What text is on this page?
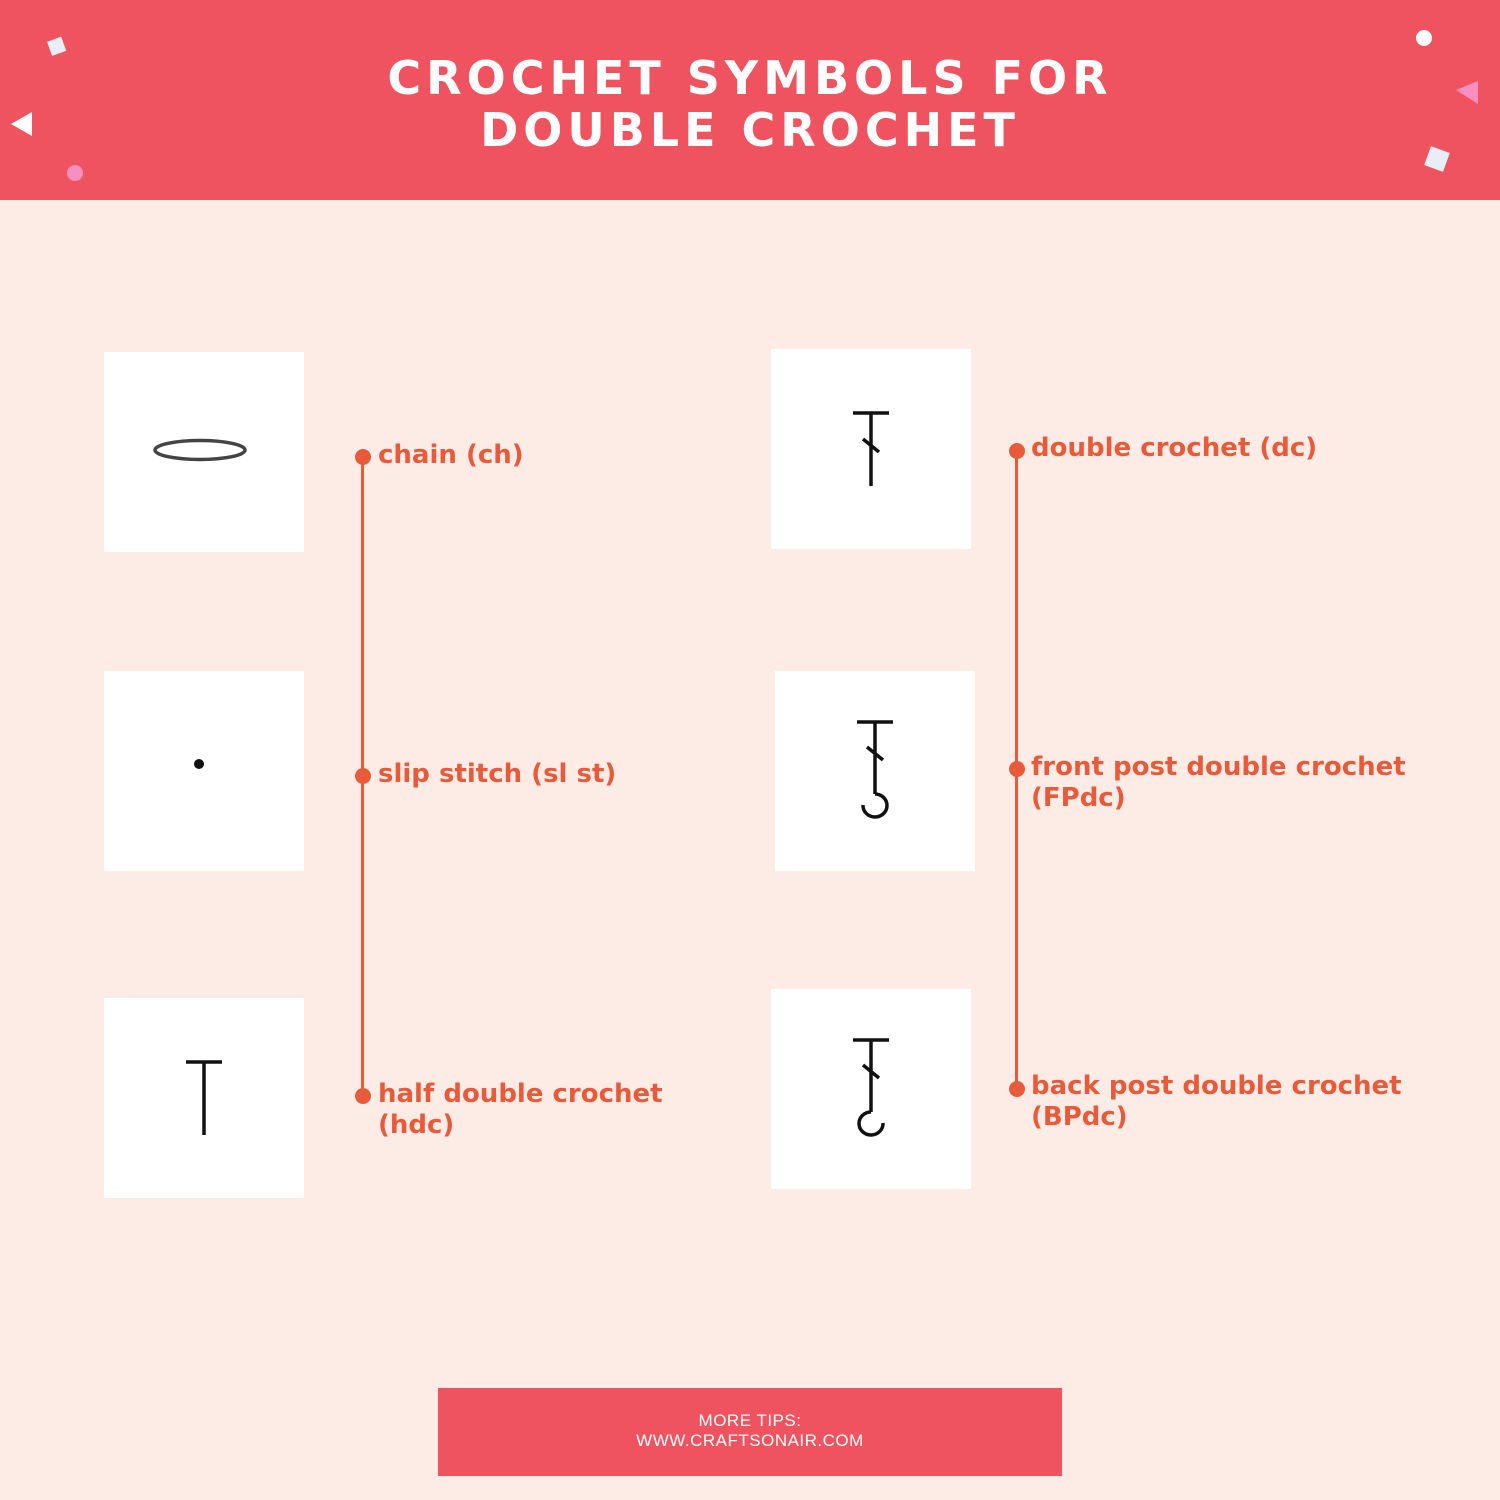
CROCHET SYMBOLS FOR
DOUBLE CROCHET
chain (ch)
slip stitch (sl st)
half double crochet
(hdc)
double crochet (dc)
front post double crochet
(FPdc)
back post double crochet
(BPdc)
MORE TIPS:
WWW.CRAFTSONAIR.COM
